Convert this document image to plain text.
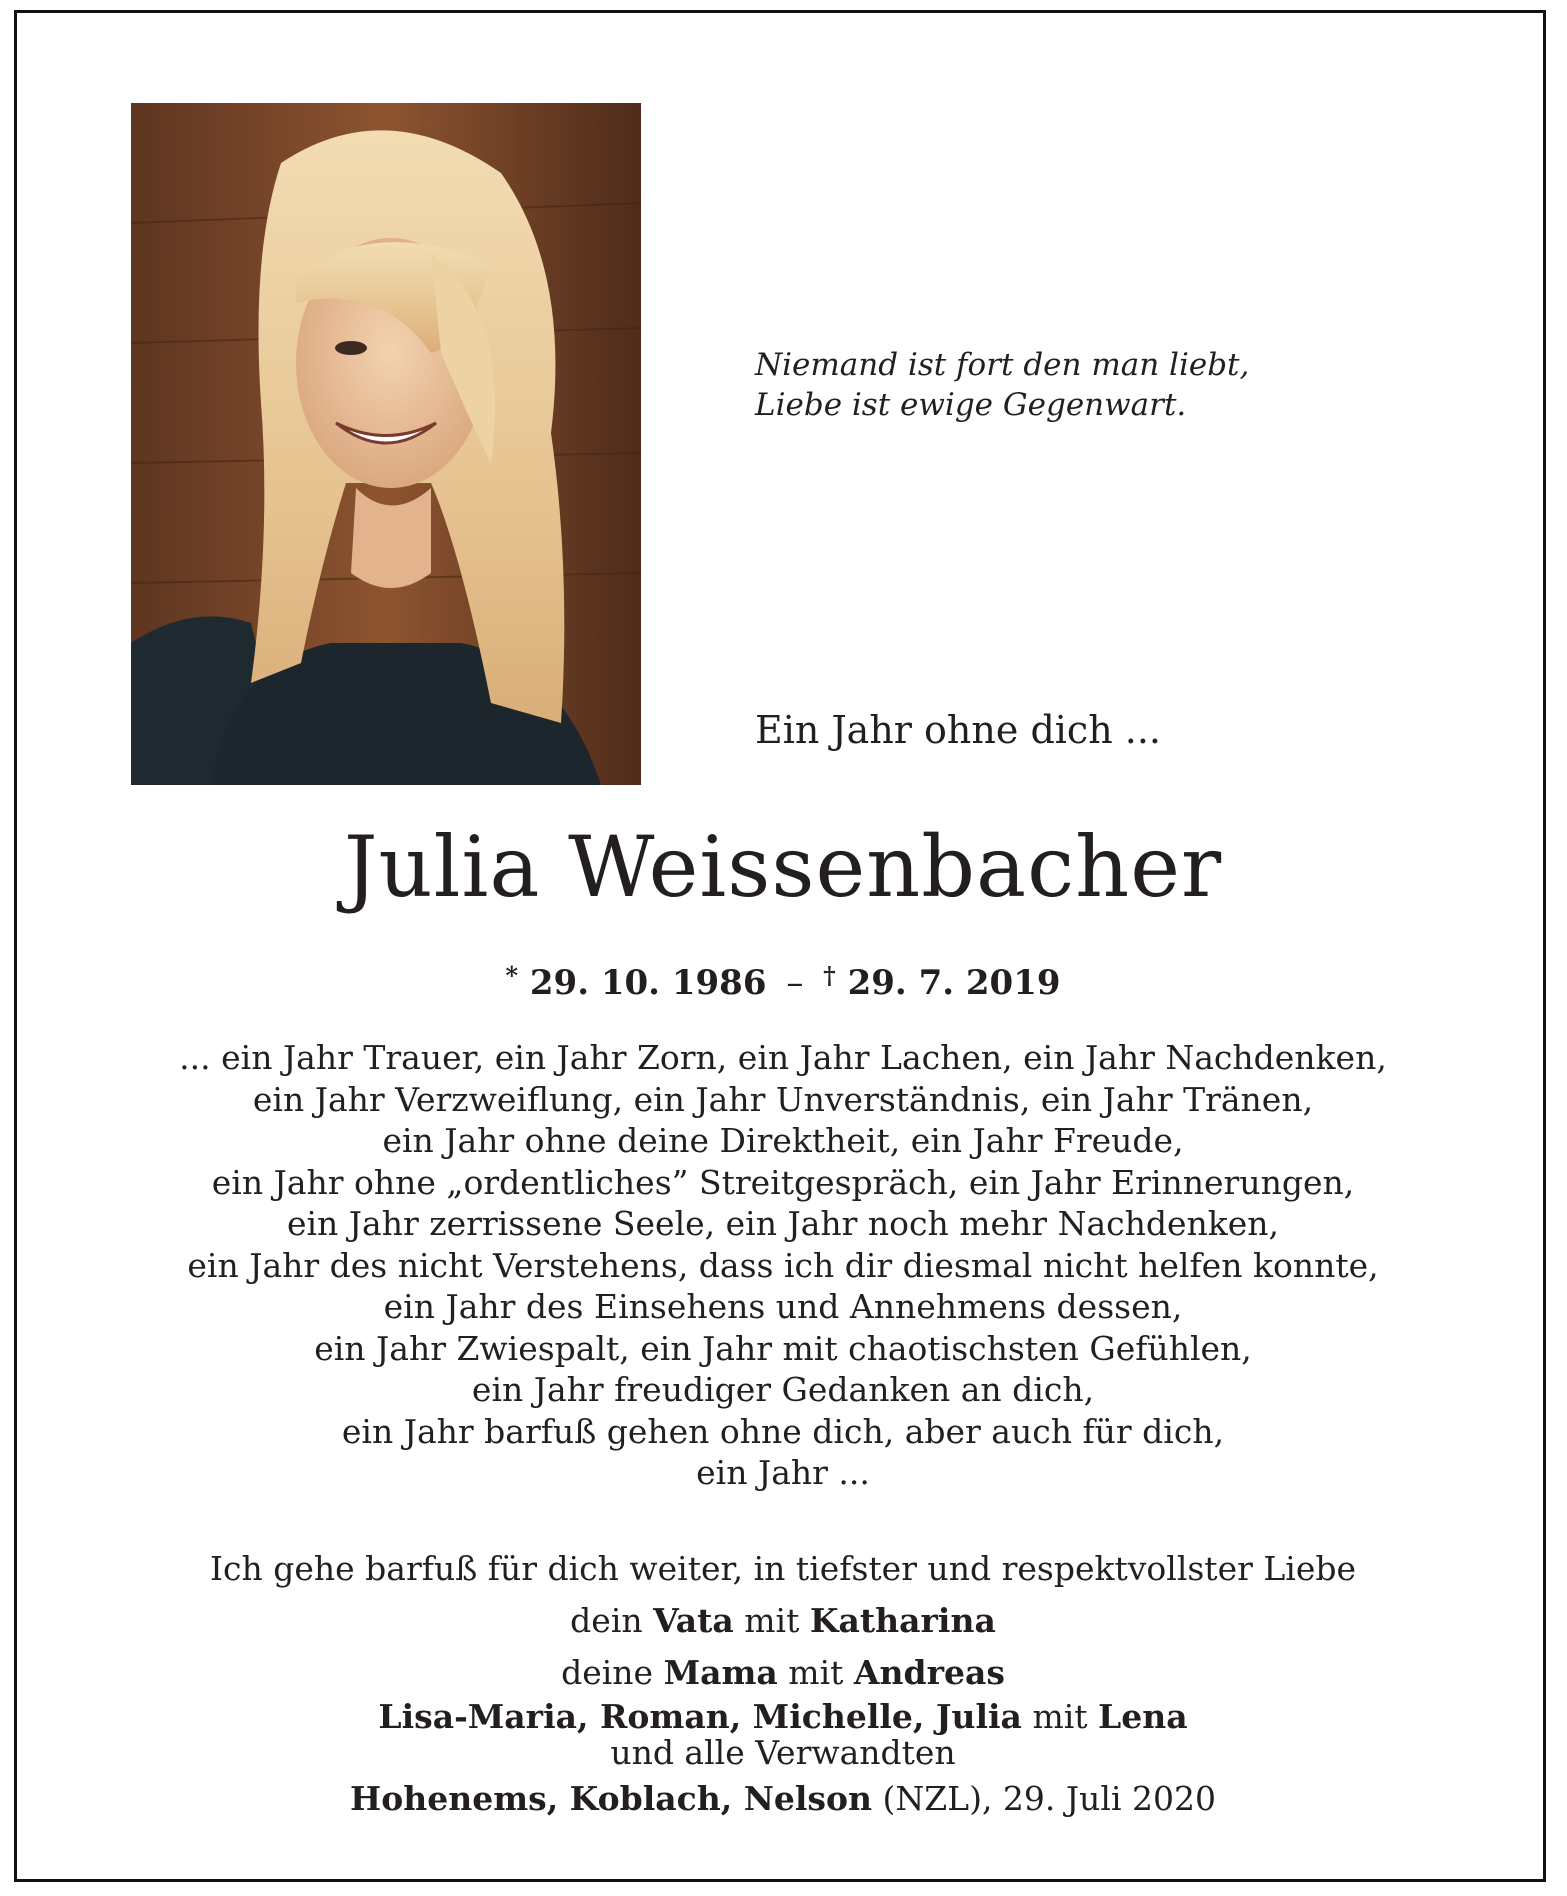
Niemand ist fort den man liebt,
Liebe ist ewige Gegenwart.

Ein Jahr ohne dich ...

Julia Weissenbacher

* 29. 10. 1986 – † 29. 7. 2019

... ein Jahr Trauer, ein Jahr Zorn, ein Jahr Lachen, ein Jahr Nachdenken,
ein Jahr Verzweiflung, ein Jahr Unverständnis, ein Jahr Tränen,
ein Jahr ohne deine Direktheit, ein Jahr Freude,
ein Jahr ohne „ordentliches” Streitgespräch, ein Jahr Erinnerungen,
ein Jahr zerrissene Seele, ein Jahr noch mehr Nachdenken,
ein Jahr des nicht Verstehens, dass ich dir diesmal nicht helfen konnte,
ein Jahr des Einsehens und Annehmens dessen,
ein Jahr Zwiespalt, ein Jahr mit chaotischsten Gefühlen,
ein Jahr freudiger Gedanken an dich,
ein Jahr barfuß gehen ohne dich, aber auch für dich,
ein Jahr ...
Ich gehe barfuß für dich weiter, in tiefster und respektvollster Liebe
dein Vata mit Katharina
deine Mama mit Andreas
Lisa-Maria, Roman, Michelle, Julia mit Lena
und alle Verwandten
Hohenems, Koblach, Nelson (NZL), 29. Juli 2020
